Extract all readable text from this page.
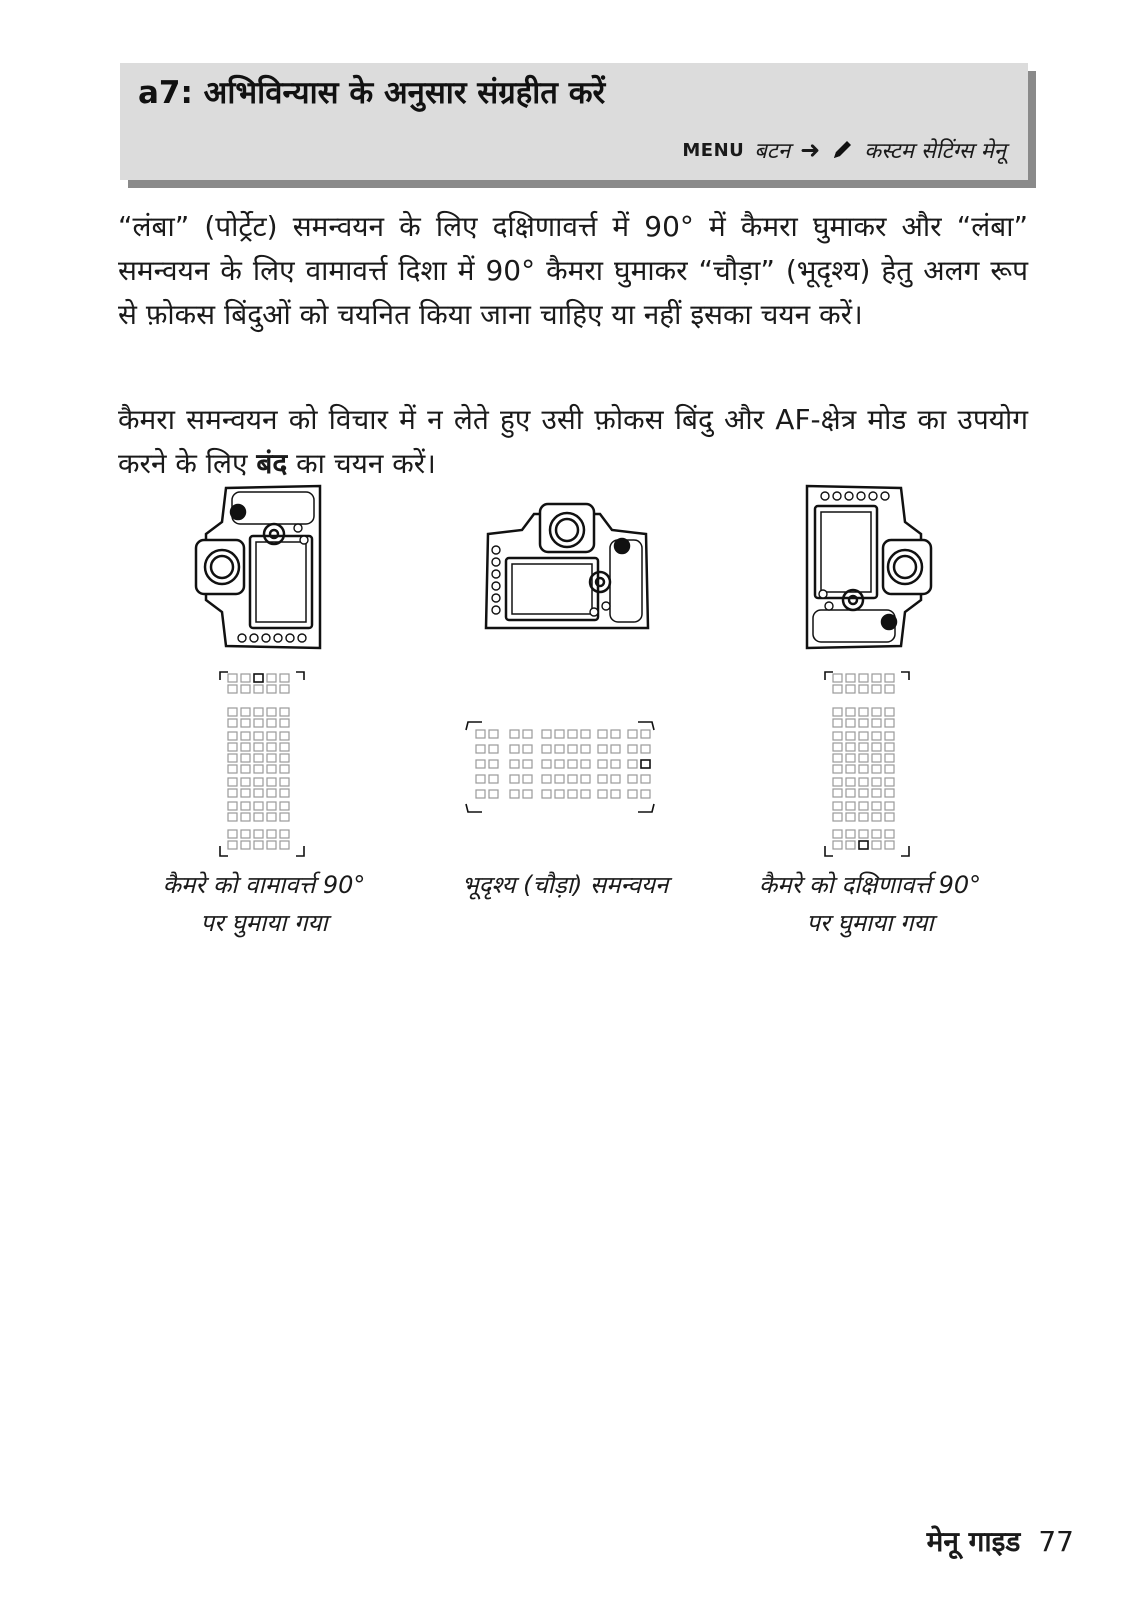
a7: अभिविन्यास के अनुसार संग्रहीत करें
MENU बटन ➜ कस्टम सेटिंग्स मेनू
“लंबा” (पोर्ट्रेट) समन्वयन के लिए दक्षिणावर्त्त में 90° में कैमरा घुमाकर और “लंबा” समन्वयन के लिए वामावर्त्त दिशा में 90° कैमरा घुमाकर “चौड़ा” (भूदृश्य) हेतु अलग रूप से फ़ोकस बिंदुओं को चयनित किया जाना चाहिए या नहीं इसका चयन करें।
कैमरा समन्वयन को विचार में न लेते हुए उसी फ़ोकस बिंदु और AF-क्षेत्र मोड का उपयोग करने के लिए बंद का चयन करें।
कैमरे को वामावर्त्त 90°
पर घुमाया गया
भूदृश्य (चौड़ा) समन्वयन	कैमरे को दक्षिणावर्त्त 90°
पर घुमाया गया
मेनू गाइड 77
